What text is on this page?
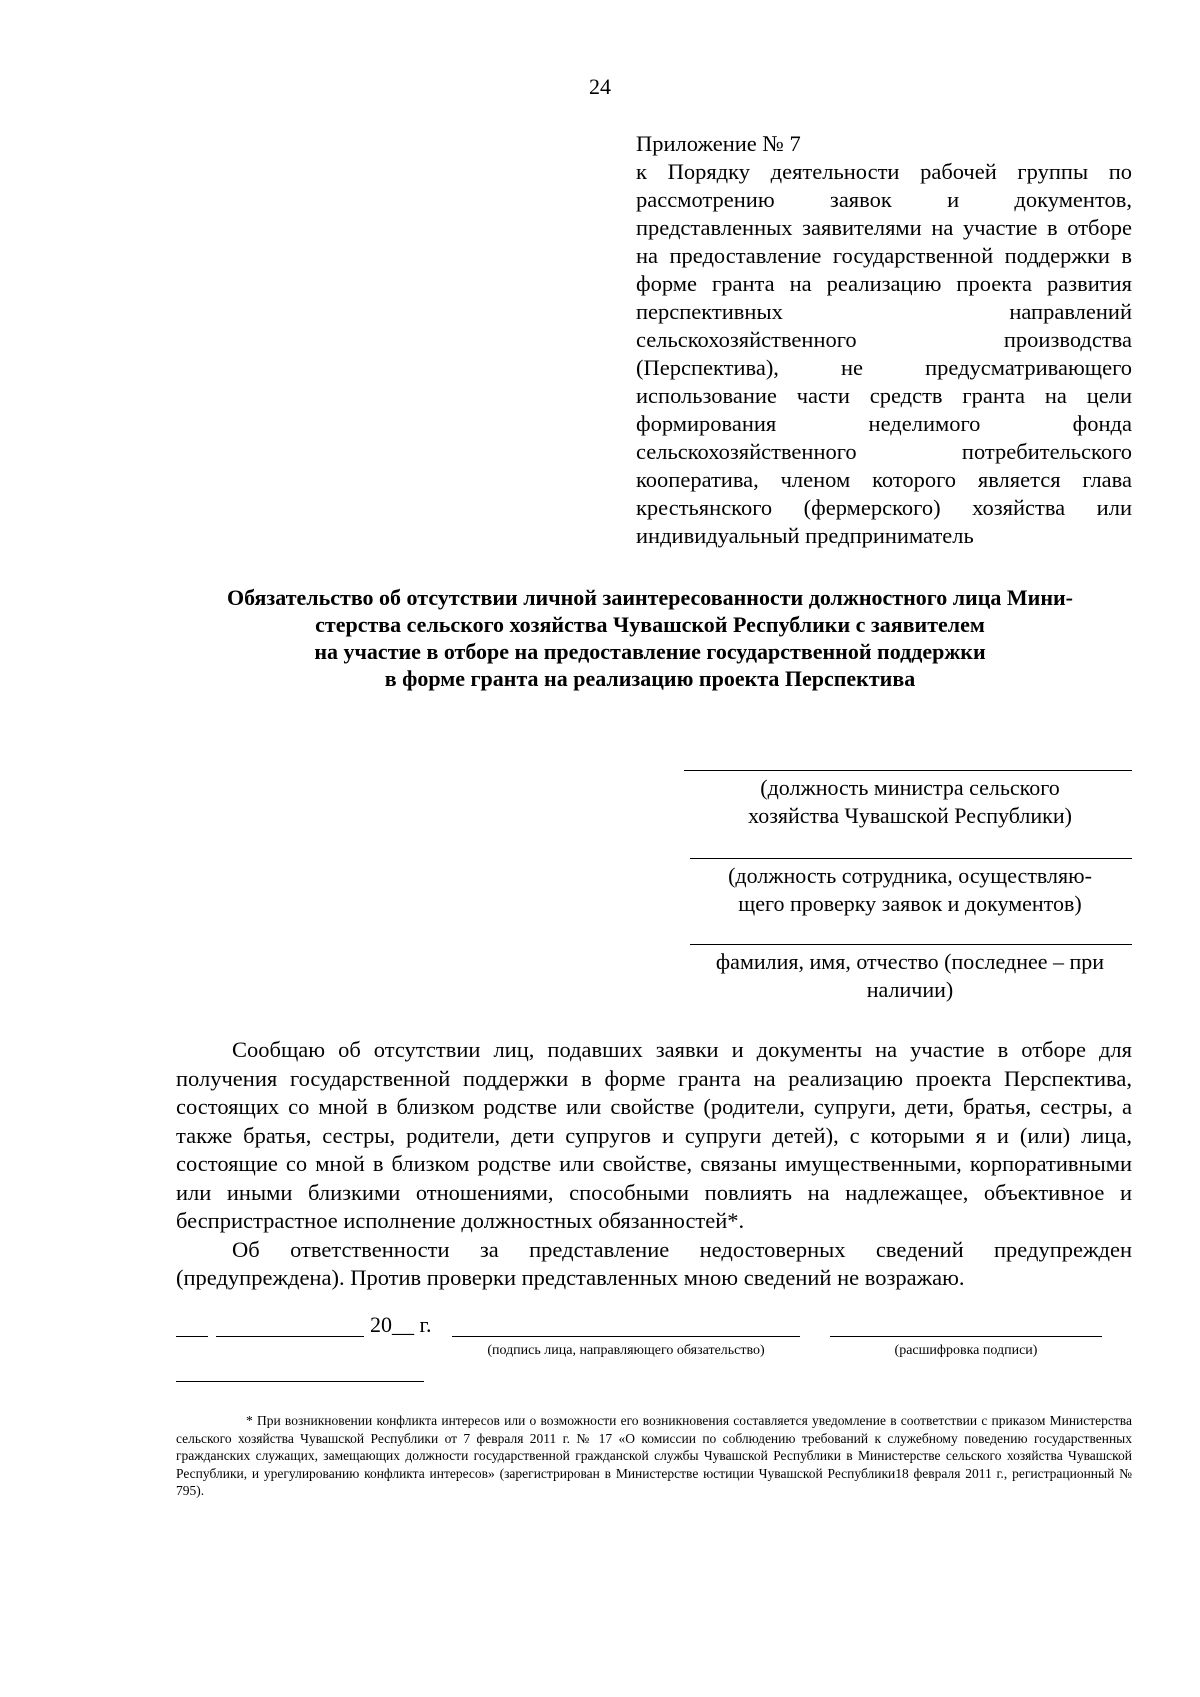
24
Приложение № 7
к Порядку деятельности рабочей группы по рассмотрению заявок и документов, представленных заявителями на участие в отборе на предоставление государственной поддержки в форме гранта на реализацию проекта развития перспективных направлений сельскохозяйственного производства (Перспектива), не предусматривающего использование части средств гранта на цели формирования неделимого фонда сельскохозяйственного потребительского кооператива, членом которого является глава крестьянского (фермерского) хозяйства или индивидуальный предприниматель
Обязательство об отсутствии личной заинтересованности должностного лица Мини-
стерства сельского хозяйства Чувашской Республики с заявителем
на участие в отборе на предоставление государственной поддержки
в форме гранта на реализацию проекта Перспектива
(должность министра сельского
хозяйства Чувашской Республики)
(должность сотрудника, осуществляю-
щего проверку заявок и документов)
фамилия, имя, отчество (последнее – при
наличии)

Сообщаю об отсутствии лиц, подавших заявки и документы на участие в отборе для получения государственной поддержки в форме гранта на реализацию проекта Перспектива, состоящих со мной в близком родстве или свойстве (родители, супруги, дети, братья, сестры, а также братья, сестры, родители, дети супругов и супруги детей), с которыми я и (или) лица, состоящие со мной в близком родстве или свойстве, связаны имущественными, корпоративными или иными близкими отношениями, способными повлиять на надлежащее, объективное и беспристрастное исполнение должностных обязанностей*.

Об ответственности за представление недостоверных сведений предупрежден (предупреждена). Против проверки представленных мною сведений не возражаю.

20__ г.
(подпись лица, направляющего обязательство)	(расшифровка подписи)

* При возникновении конфликта интересов или о возможности его возникновения составляется уведомление в соответствии с приказом Министерства сельского хозяйства Чувашской Республики от 7 февраля 2011 г. № 17 «О комиссии по соблюдению требований к служебному поведению государственных гражданских служащих, замещающих должности государственной гражданской службы Чувашской Республики в Министерстве сельского хозяйства Чувашской Республики, и урегулированию конфликта интересов» (зарегистрирован в Министерстве юстиции Чувашской Республики18 февраля 2011 г., регистрационный № 795).
